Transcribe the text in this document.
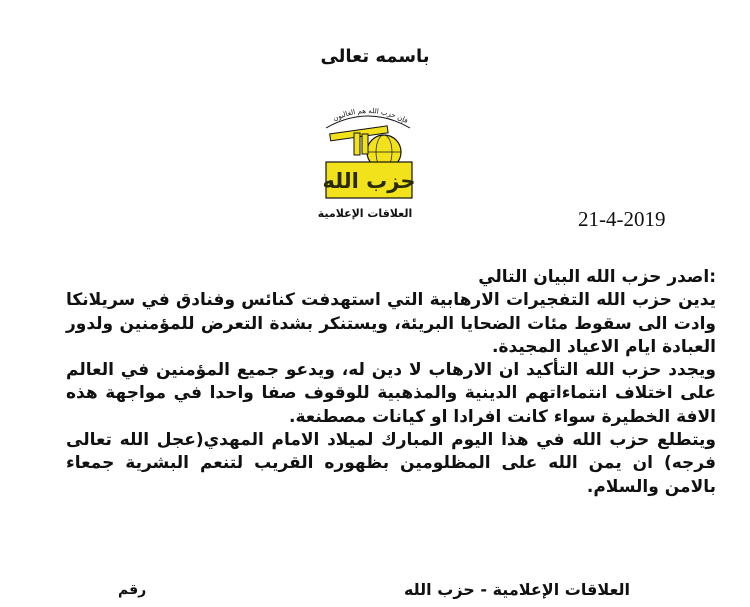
باسمه تعالى
فإن حزب الله هم الغالبون
حزب الله
العلاقات الإعلامية	21-4-2019

:اصدر حزب الله البيان التالي

يدين حزب الله التفجيرات الارهابية التي استهدفت كنائس وفنادق في سريلانكا وادت الى سقوط مئات الضحايا البريئة، ويستنكر بشدة التعرض للمؤمنين ولدور العبادة ايام الاعياد المجيدة.

ويجدد حزب الله التأكيد ان الارهاب لا دين له، ويدعو جميع المؤمنين في العالم على اختلاف انتماءاتهم الدينية والمذهبية للوقوف صفا واحدا في مواجهة هذه الافة الخطيرة سواء كانت افرادا او كيانات مصطنعة.

ويتطلع حزب الله في هذا اليوم المبارك لميلاد الامام المهدي(عجل الله تعالى فرجه) ان يمن الله على المظلومين بظهوره القريب لتنعم البشرية جمعاء بالامن والسلام.

رقم	العلاقات الإعلامية - حزب الله
